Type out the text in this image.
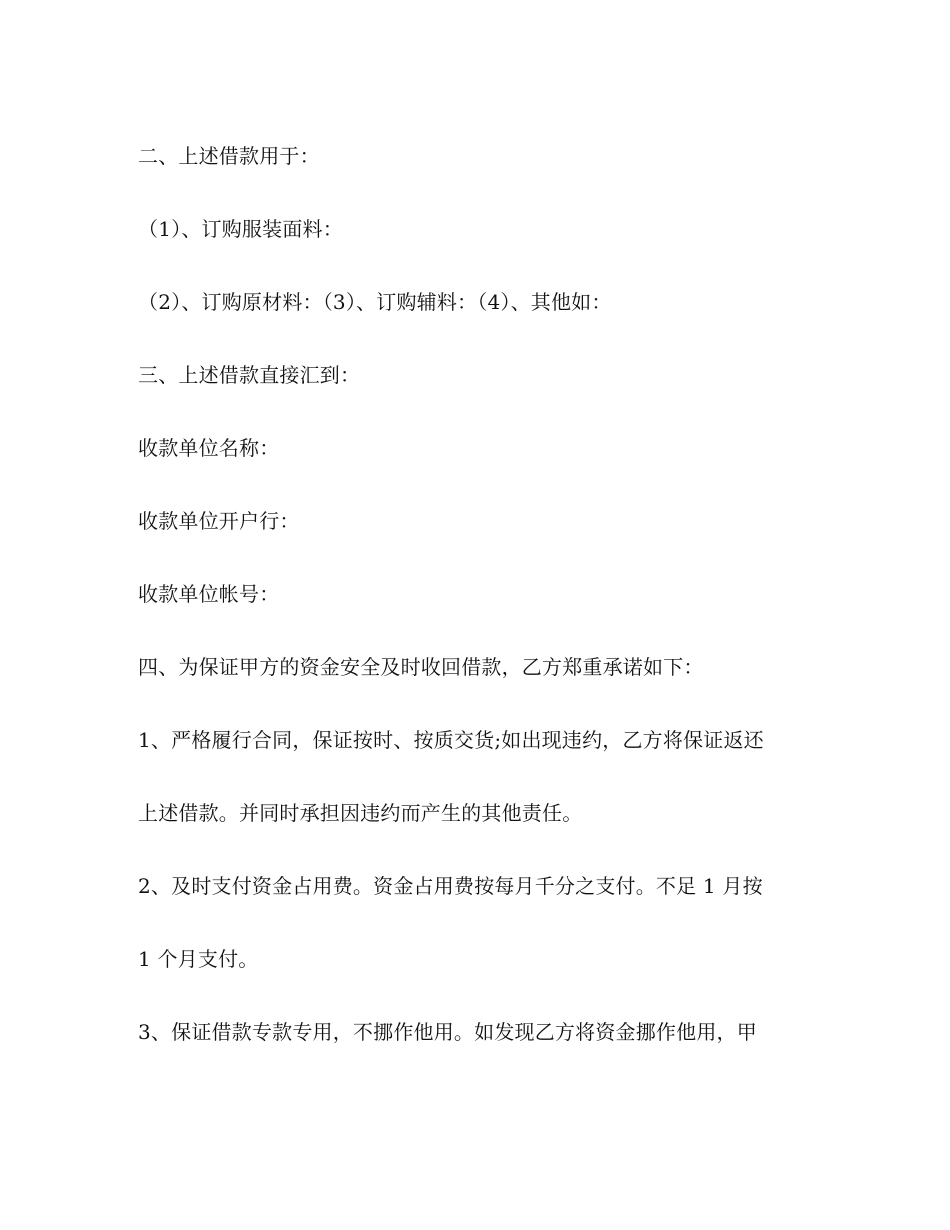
二、上述借款用于：
（1）、订购服装面料：
（2）、订购原材料：（3）、订购辅料：（4）、其他如：
三、上述借款直接汇到：
收款单位名称：
收款单位开户行：
收款单位帐号：
四、为保证甲方的资金安全及时收回借款，乙方郑重承诺如下：
1、严格履行合同，保证按时、按质交货;如出现违约，乙方将保证返还
上述借款。并同时承担因违约而产生的其他责任。
2、及时支付资金占用费。资金占用费按每月千分之支付。不足 1 月按
1 个月支付。
3、保证借款专款专用，不挪作他用。如发现乙方将资金挪作他用，甲
